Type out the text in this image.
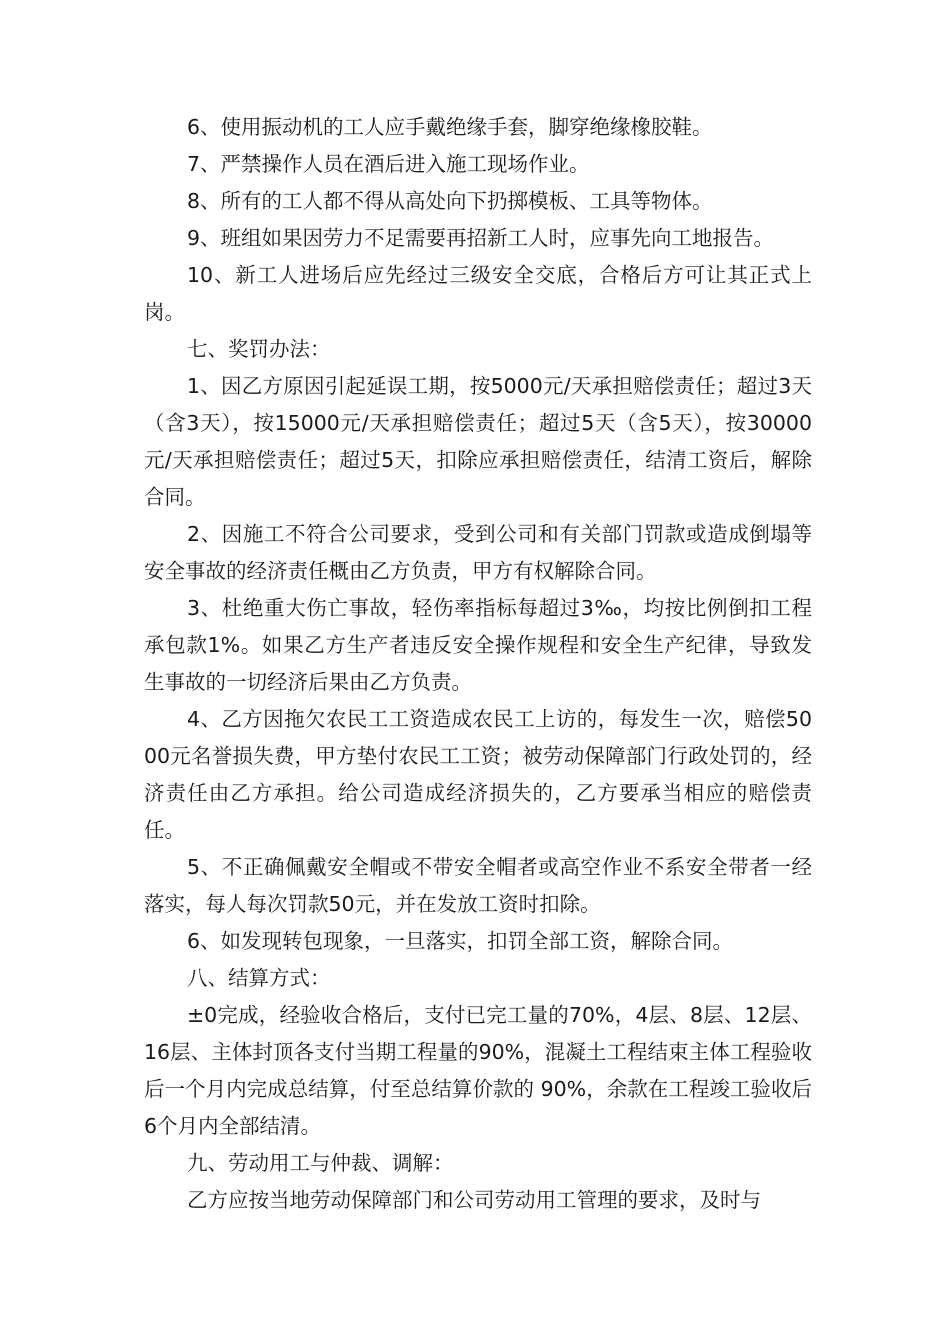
6、使用振动机的工人应手戴绝缘手套，脚穿绝缘橡胶鞋。

7、严禁操作人员在酒后进入施工现场作业。

8、所有的工人都不得从高处向下扔掷模板、工具等物体。

9、班组如果因劳力不足需要再招新工人时，应事先向工地报告。

10、新工人进场后应先经过三级安全交底，合格后方可让其正式上岗。

七、奖罚办法：

1、因乙方原因引起延误工期，按5000元/天承担赔偿责任；超过3天（含3天），按15000元/天承担赔偿责任；超过5天（含5天），按30000元/天承担赔偿责任；超过5天，扣除应承担赔偿责任，结清工资后，解除合同。

2、因施工不符合公司要求，受到公司和有关部门罚款或造成倒塌等安全事故的经济责任概由乙方负责，甲方有权解除合同。

3、杜绝重大伤亡事故，轻伤率指标每超过3‰，均按比例倒扣工程承包款1%。如果乙方生产者违反安全操作规程和安全生产纪律，导致发生事故的一切经济后果由乙方负责。

4、乙方因拖欠农民工工资造成农民工上访的，每发生一次，赔偿5000元名誉损失费，甲方垫付农民工工资；被劳动保障部门行政处罚的，经济责任由乙方承担。给公司造成经济损失的，乙方要承当相应的赔偿责任。

5、不正确佩戴安全帽或不带安全帽者或高空作业不系安全带者一经落实，每人每次罚款50元，并在发放工资时扣除。

6、如发现转包现象，一旦落实，扣罚全部工资，解除合同。

八、结算方式：

±0完成，经验收合格后，支付已完工量的70%，4层、8层、12层、16层、主体封顶各支付当期工程量的90%，混凝土工程结束主体工程验收后一个月内完成总结算，付至总结算价款的 90%，余款在工程竣工验收后6个月内全部结清。

九、劳动用工与仲裁、调解：

乙方应按当地劳动保障部门和公司劳动用工管理的要求，及时与
